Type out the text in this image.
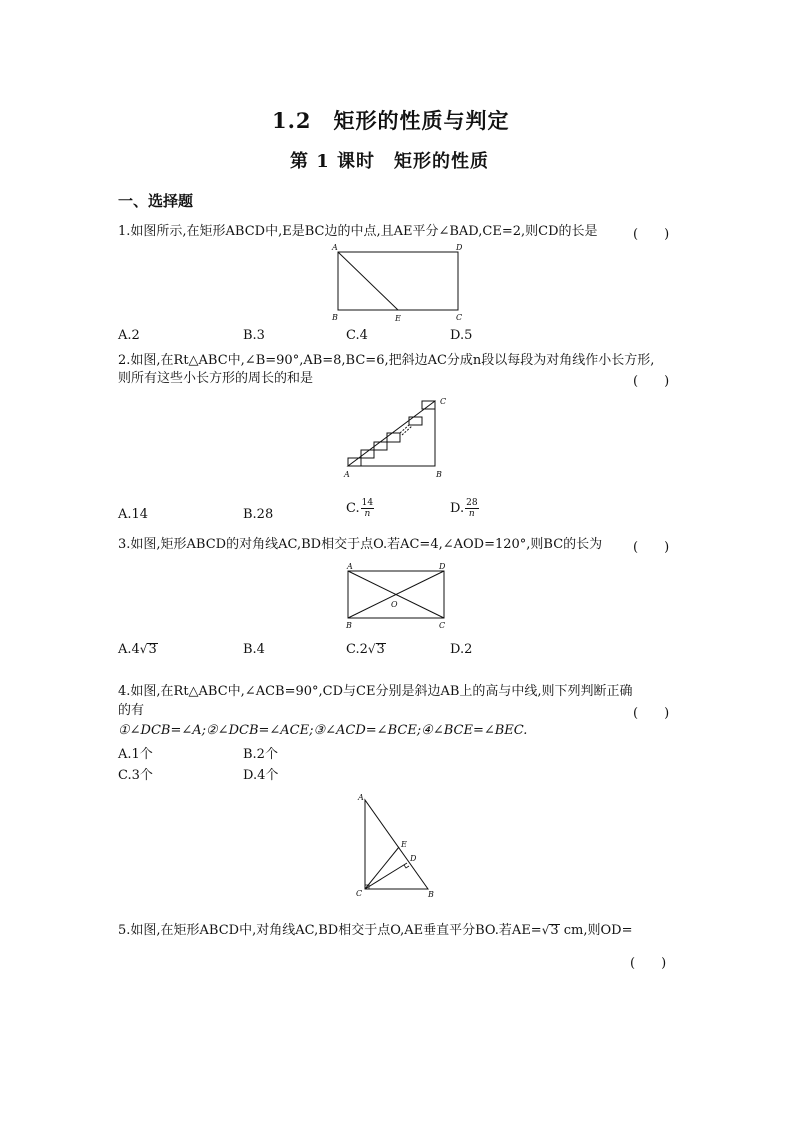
1.2　矩形的性质与判定
第 1 课时　矩形的性质
一、选择题
1.如图所示,在矩形ABCD中,E是BC边的中点,且AE平分∠BAD,CE=2,则CD的长是	(　　)
A	D
B	E	C
A.2	B.3	C.4	D.5
2.如图,在Rt△ABC中,∠B=90°,AB=8,BC=6,把斜边AC分成n段以每段为对角线作小长方形,
则所有这些小长方形的周长的和是	(　　)
C
A	B
A.14	B.28	C. $\frac{14}{n}$	D. $\frac{28}{n}$
3.如图,矩形ABCD的对角线AC,BD相交于点O.若AC=4,∠AOD=120°,则BC的长为 (　　)
A	D
O
B	C
A.4√3	B.4	C.2√3	D.2
4.如图,在Rt△ABC中,∠ACB=90°,CD与CE分别是斜边AB上的高与中线,则下列判断正确
的有	(　　)
①∠DCB=∠A;②∠DCB=∠ACE;③∠ACD=∠BCE;④∠BCE=∠BEC.
A.1个	B.2个
C.3个	D.4个
A
E
D
C	B
5.如图,在矩形ABCD中,对角线AC,BD相交于点O,AE垂直平分BO.若AE=√3 cm,则OD=
(　　)
